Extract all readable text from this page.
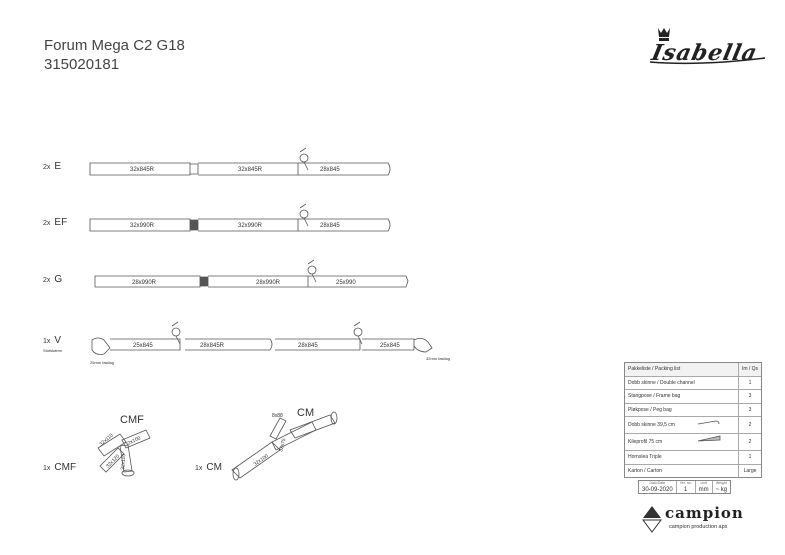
Forum Mega C2 G18
315020181	Isabella
2x E
2x EF
2x G
1x V
Stofskærm
32x845R	32x845R	28x845
32x990R	32x990R	28x845
28x990R	28x990R	25x990
25x845	28x845R	28x845	25x845
25mm fastlag
32mm fastlag
32x110 32x100
32x120 32x110	32x100
32x75
CMF
CM
8x88
1x CMF	1x CM
Pakkeliste / Packing list	Im / Qs
Dobb skinne / Double channel	1
Stangpose / Frame bag	3
Pløkpose / Peg bag	3
Dobb skinne 39,5 cm	2
Kileprofil 75 cm	2
Hornslea Triple	1
Karton / Carton	Large
Dato/Date
30-09-2020
Ver. no.
1
Unit
mm
Weight
~ kg
campion
campion production aps
